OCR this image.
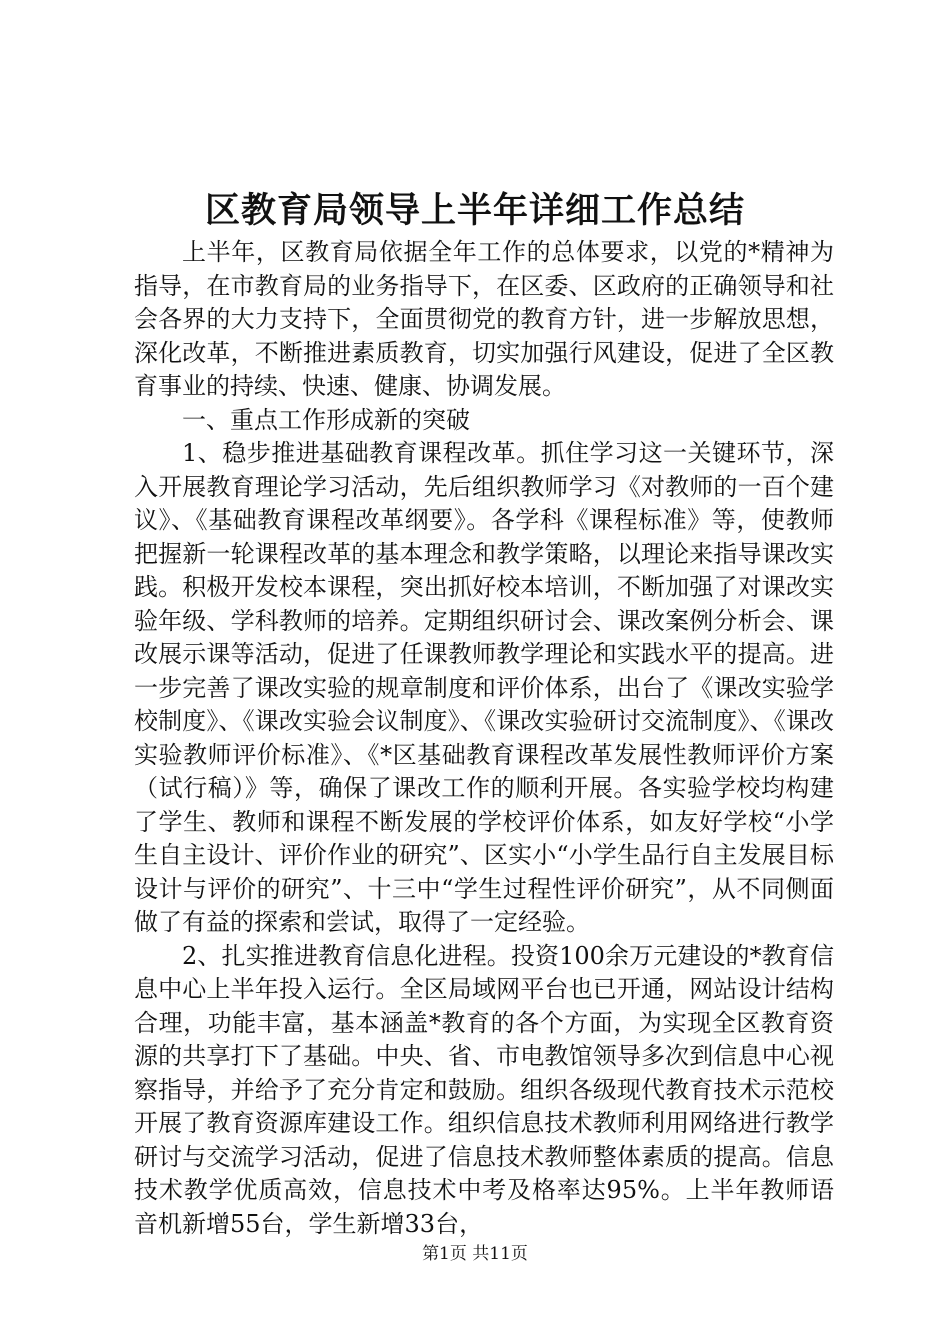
区教育局领导上半年详细工作总结

上半年，区教育局依据全年工作的总体要求，以党的*精神为指导，在市教育局的业务指导下，在区委、区政府的正确领导和社会各界的大力支持下，全面贯彻党的教育方针，进一步解放思想，深化改革，不断推进素质教育，切实加强行风建设，促进了全区教育事业的持续、快速、健康、协调发展。

一、重点工作形成新的突破

1、稳步推进基础教育课程改革。抓住学习这一关键环节，深入开展教育理论学习活动，先后组织教师学习《对教师的一百个建议》、《基础教育课程改革纲要》。各学科《课程标准》等，使教师把握新一轮课程改革的基本理念和教学策略，以理论来指导课改实践。积极开发校本课程，突出抓好校本培训，不断加强了对课改实验年级、学科教师的培养。定期组织研讨会、课改案例分析会、课改展示课等活动，促进了任课教师教学理论和实践水平的提高。进一步完善了课改实验的规章制度和评价体系，出台了《课改实验学校制度》、《课改实验会议制度》、《课改实验研讨交流制度》、《课改实验教师评价标准》、《*区基础教育课程改革发展性教师评价方案（试行稿）》等，确保了课改工作的顺利开展。各实验学校均构建了学生、教师和课程不断发展的学校评价体系，如友好学校“小学生自主设计、评价作业的研究”、区实小“小学生品行自主发展目标设计与评价的研究”、十三中“学生过程性评价研究”，从不同侧面做了有益的探索和尝试，取得了一定经验。

2、扎实推进教育信息化进程。投资100余万元建设的*教育信息中心上半年投入运行。全区局域网平台也已开通，网站设计结构合理，功能丰富，基本涵盖*教育的各个方面，为实现全区教育资源的共享打下了基础。中央、省、市电教馆领导多次到信息中心视察指导，并给予了充分肯定和鼓励。组织各级现代教育技术示范校开展了教育资源库建设工作。组织信息技术教师利用网络进行教学研讨与交流学习活动，促进了信息技术教师整体素质的提高。信息技术教学优质高效，信息技术中考及格率达95%。上半年教师语音机新增55台，学生新增33台，

第1页 共11页
